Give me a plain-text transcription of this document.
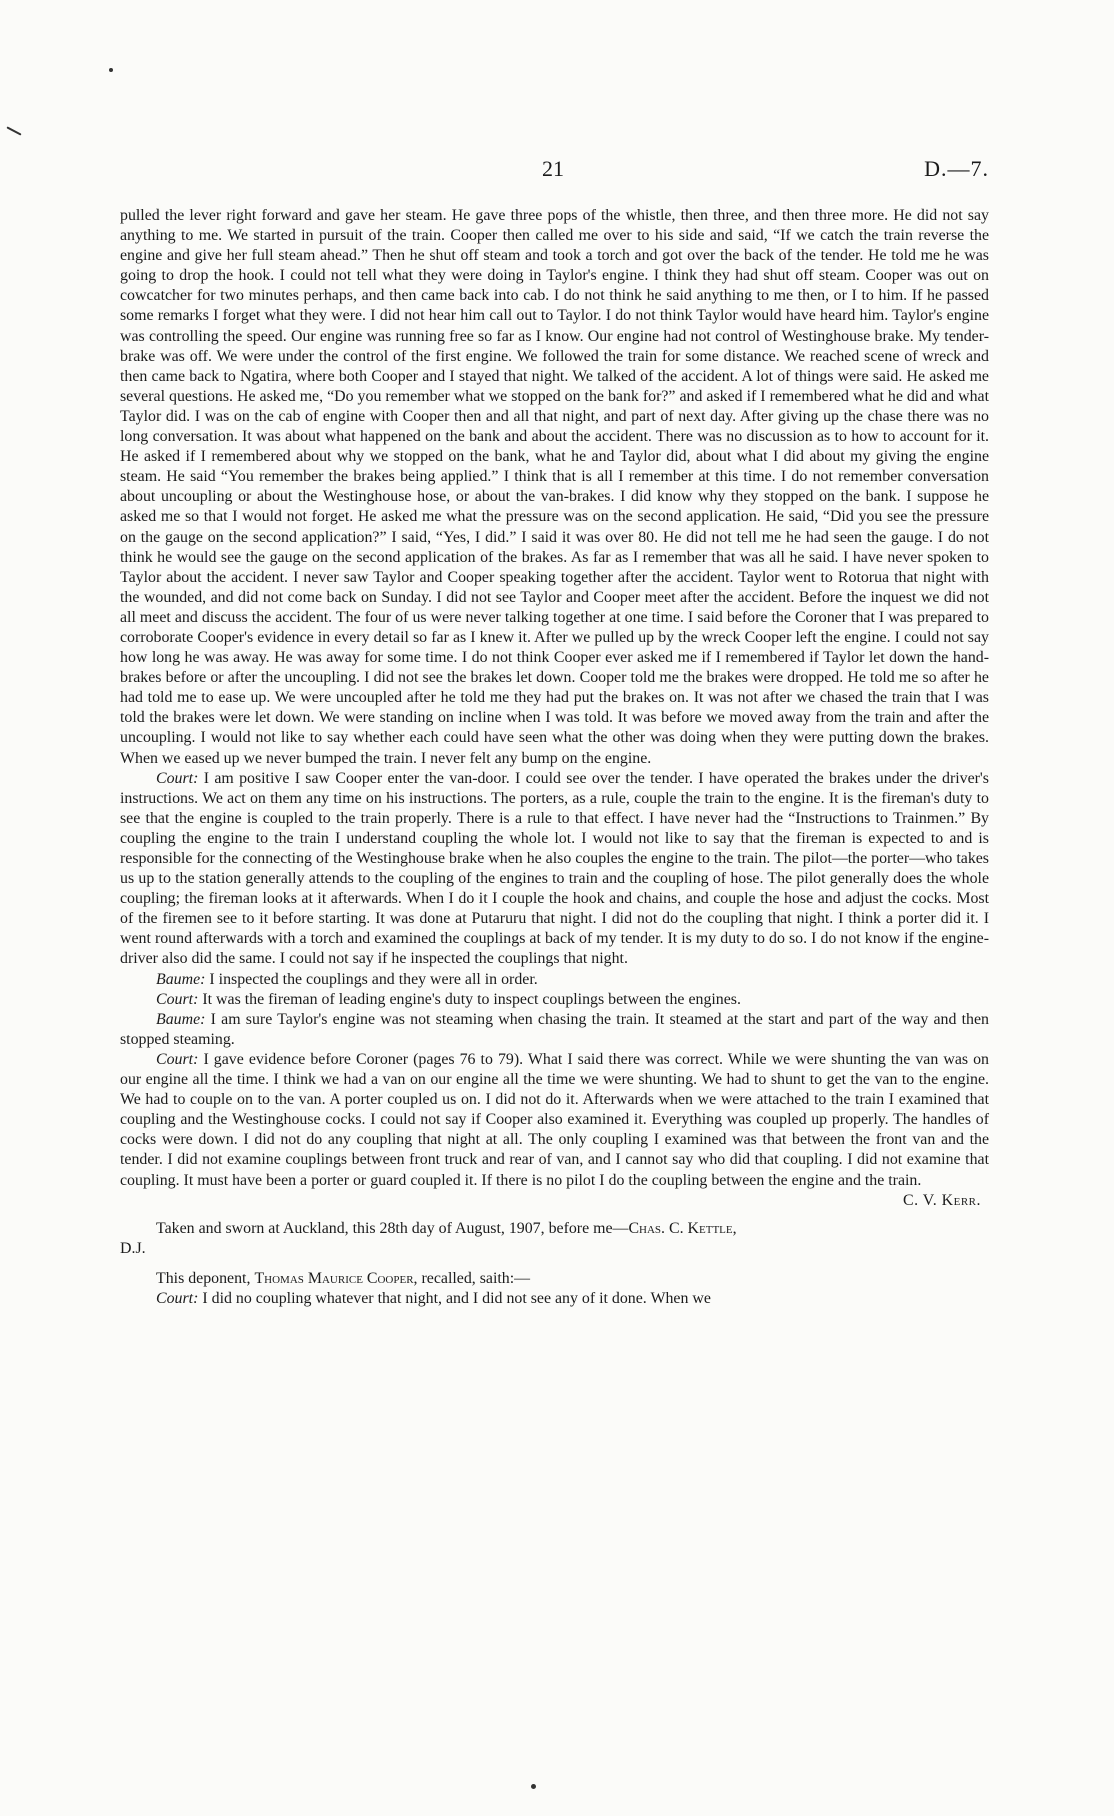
21	D.—7.

pulled the lever right forward and gave her steam. He gave three pops of the whistle, then three, and then three more. He did not say anything to me. We started in pursuit of the train. Cooper then called me over to his side and said, “If we catch the train reverse the engine and give her full steam ahead.” Then he shut off steam and took a torch and got over the back of the tender. He told me he was going to drop the hook. I could not tell what they were doing in Taylor's engine. I think they had shut off steam. Cooper was out on cowcatcher for two minutes perhaps, and then came back into cab. I do not think he said anything to me then, or I to him. If he passed some remarks I forget what they were. I did not hear him call out to Taylor. I do not think Taylor would have heard him. Taylor's engine was controlling the speed. Our engine was running free so far as I know. Our engine had not control of Westinghouse brake. My tender-brake was off. We were under the control of the first engine. We followed the train for some distance. We reached scene of wreck and then came back to Ngatira, where both Cooper and I stayed that night. We talked of the accident. A lot of things were said. He asked me several questions. He asked me, “Do you remember what we stopped on the bank for?” and asked if I remembered what he did and what Taylor did. I was on the cab of engine with Cooper then and all that night, and part of next day. After giving up the chase there was no long conversation. It was about what happened on the bank and about the accident. There was no discussion as to how to account for it. He asked if I remembered about why we stopped on the bank, what he and Taylor did, about what I did about my giving the engine steam. He said “You remember the brakes being applied.” I think that is all I remember at this time. I do not remember conversation about uncoupling or about the Westinghouse hose, or about the van-brakes. I did know why they stopped on the bank. I suppose he asked me so that I would not forget. He asked me what the pressure was on the second application. He said, “Did you see the pressure on the gauge on the second application?” I said, “Yes, I did.” I said it was over 80. He did not tell me he had seen the gauge. I do not think he would see the gauge on the second application of the brakes. As far as I remember that was all he said. I have never spoken to Taylor about the accident. I never saw Taylor and Cooper speaking together after the accident. Taylor went to Rotorua that night with the wounded, and did not come back on Sunday. I did not see Taylor and Cooper meet after the accident. Before the inquest we did not all meet and discuss the accident. The four of us were never talking together at one time. I said before the Coroner that I was prepared to corroborate Cooper's evidence in every detail so far as I knew it. After we pulled up by the wreck Cooper left the engine. I could not say how long he was away. He was away for some time. I do not think Cooper ever asked me if I remembered if Taylor let down the hand-brakes before or after the uncoupling. I did not see the brakes let down. Cooper told me the brakes were dropped. He told me so after he had told me to ease up. We were uncoupled after he told me they had put the brakes on. It was not after we chased the train that I was told the brakes were let down. We were standing on incline when I was told. It was before we moved away from the train and after the uncoupling. I would not like to say whether each could have seen what the other was doing when they were putting down the brakes. When we eased up we never bumped the train. I never felt any bump on the engine.

Court: I am positive I saw Cooper enter the van-door. I could see over the tender. I have operated the brakes under the driver's instructions. We act on them any time on his instructions. The porters, as a rule, couple the train to the engine. It is the fireman's duty to see that the engine is coupled to the train properly. There is a rule to that effect. I have never had the “Instructions to Trainmen.” By coupling the engine to the train I understand coupling the whole lot. I would not like to say that the fireman is expected to and is responsible for the connecting of the Westinghouse brake when he also couples the engine to the train. The pilot—the porter—who takes us up to the station generally attends to the coupling of the engines to train and the coupling of hose. The pilot generally does the whole coupling; the fireman looks at it afterwards. When I do it I couple the hook and chains, and couple the hose and adjust the cocks. Most of the firemen see to it before starting. It was done at Putaruru that night. I did not do the coupling that night. I think a porter did it. I went round afterwards with a torch and examined the couplings at back of my tender. It is my duty to do so. I do not know if the engine-driver also did the same. I could not say if he inspected the couplings that night.

Baume: I inspected the couplings and they were all in order.

Court: It was the fireman of leading engine's duty to inspect couplings between the engines.

Baume: I am sure Taylor's engine was not steaming when chasing the train. It steamed at the start and part of the way and then stopped steaming.

Court: I gave evidence before Coroner (pages 76 to 79). What I said there was correct. While we were shunting the van was on our engine all the time. I think we had a van on our engine all the time we were shunting. We had to shunt to get the van to the engine. We had to couple on to the van. A porter coupled us on. I did not do it. Afterwards when we were attached to the train I examined that coupling and the Westinghouse cocks. I could not say if Cooper also examined it. Everything was coupled up properly. The handles of cocks were down. I did not do any coupling that night at all. The only coupling I examined was that between the front van and the tender. I did not examine couplings between front truck and rear of van, and I cannot say who did that coupling. I did not examine that coupling. It must have been a porter or guard coupled it. If there is no pilot I do the coupling between the engine and the train.

C. V. Kerr.

Taken and sworn at Auckland, this 28th day of August, 1907, before me—Chas. C. Kettle,
D.J.

This deponent, Thomas Maurice Cooper, recalled, saith:—

Court: I did no coupling whatever that night, and I did not see any of it done. When we
